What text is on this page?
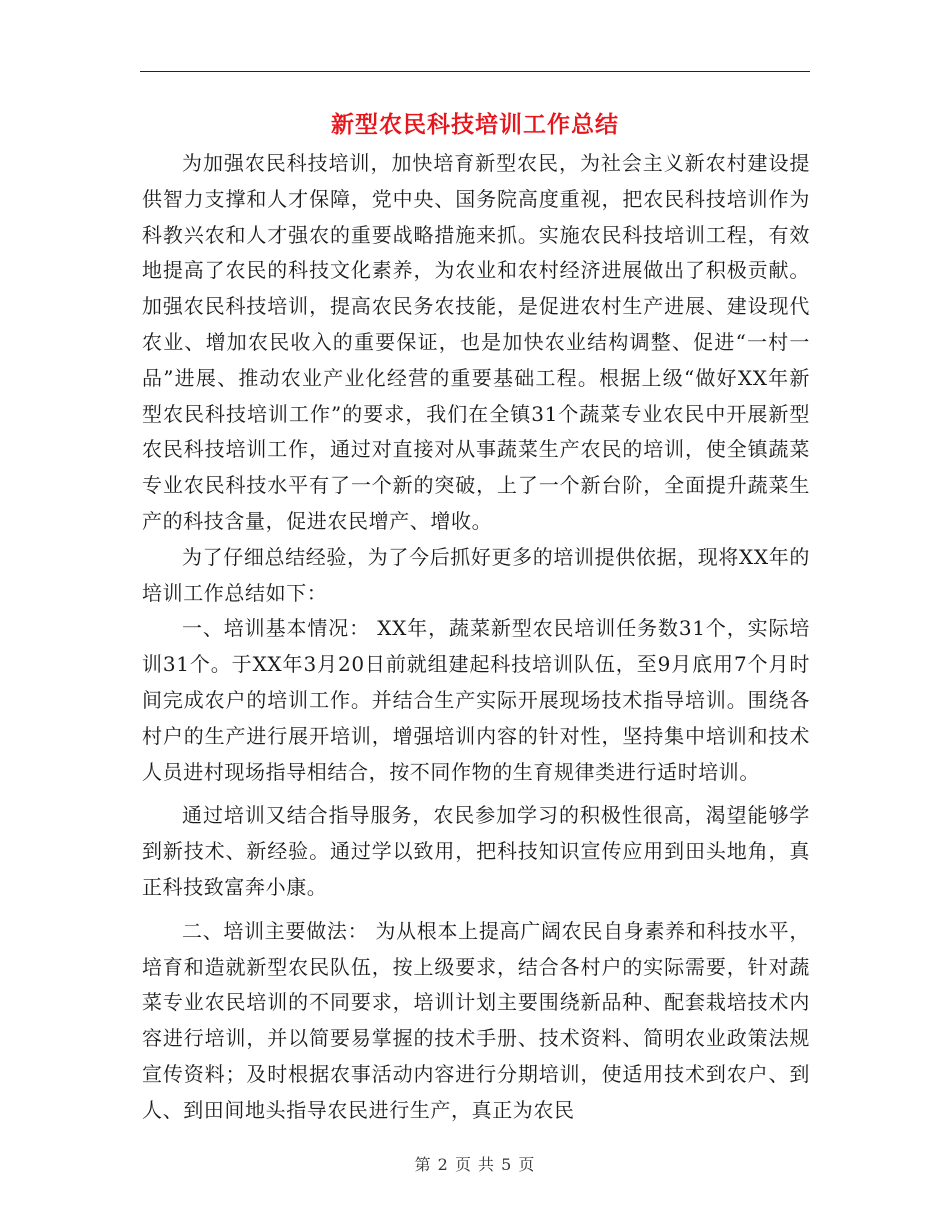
新型农民科技培训工作总结

为加强农民科技培训，加快培育新型农民，为社会主义新农村建设提供智力支撑和人才保障，党中央、国务院高度重视，把农民科技培训作为科教兴农和人才强农的重要战略措施来抓。实施农民科技培训工程，有效地提高了农民的科技文化素养，为农业和农村经济进展做出了积极贡献。加强农民科技培训，提高农民务农技能，是促进农村生产进展、建设现代农业、增加农民收入的重要保证，也是加快农业结构调整、促进“一村一品”进展、推动农业产业化经营的重要基础工程。根据上级“做好XX年新型农民科技培训工作”的要求，我们在全镇31个蔬菜专业农民中开展新型农民科技培训工作，通过对直接对从事蔬菜生产农民的培训，使全镇蔬菜专业农民科技水平有了一个新的突破，上了一个新台阶，全面提升蔬菜生产的科技含量，促进农民增产、增收。

为了仔细总结经验，为了今后抓好更多的培训提供依据，现将XX年的培训工作总结如下：

一、培训基本情况： XX年，蔬菜新型农民培训任务数31个，实际培训31个。于XX年3月20日前就组建起科技培训队伍，至9月底用7个月时间完成农户的培训工作。并结合生产实际开展现场技术指导培训。围绕各村户的生产进行展开培训，增强培训内容的针对性，坚持集中培训和技术人员进村现场指导相结合，按不同作物的生育规律类进行适时培训。

通过培训又结合指导服务，农民参加学习的积极性很高，渴望能够学到新技术、新经验。通过学以致用，把科技知识宣传应用到田头地角，真正科技致富奔小康。

二、培训主要做法： 为从根本上提高广阔农民自身素养和科技水平，培育和造就新型农民队伍，按上级要求，结合各村户的实际需要，针对蔬菜专业农民培训的不同要求，培训计划主要围绕新品种、配套栽培技术内容进行培训，并以简要易掌握的技术手册、技术资料、简明农业政策法规宣传资料；及时根据农事活动内容进行分期培训，使适用技术到农户、到人、到田间地头指导农民进行生产，真正为农民

第 2 页 共 5 页
